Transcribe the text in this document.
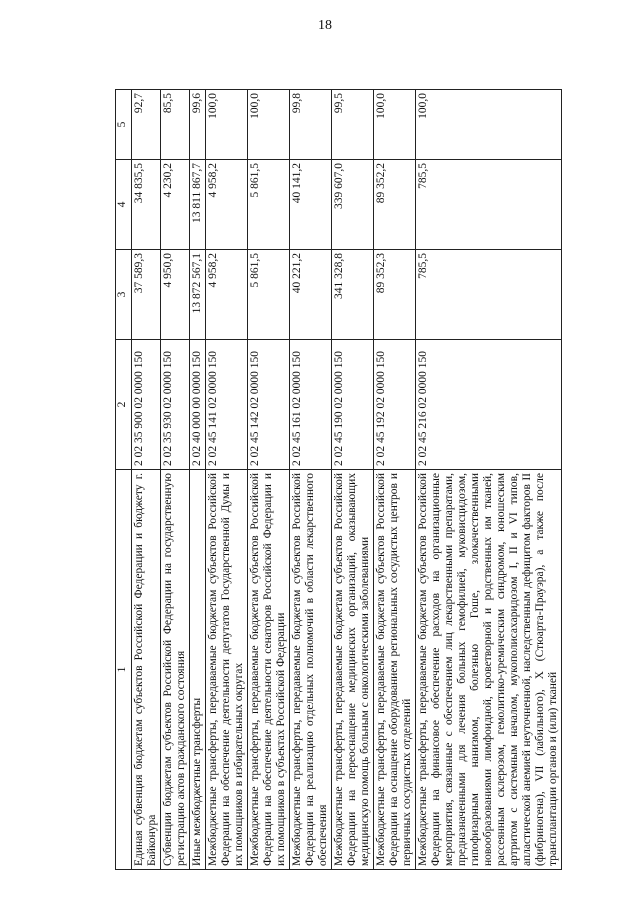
18
1	2	3	4	5
Единая субвенция бюджетам субъектов Российской Федерации и бюджету г. Байконура	2 02 35 900 02 0000 150	37 589,3	34 835,5	92,7
Субвенции бюджетам субъектов Российской Федерации на государственную регистрацию актов гражданского состояния	2 02 35 930 02 0000 150	4 950,0	4 230,2	85,5
Иные межбюджетные трансферты	2 02 40 000 00 0000 150	13 872 567,1	13 811 867,7	99,6
Межбюджетные трансферты, передаваемые бюджетам субъектов Российской Федерации на обеспечение деятельности депутатов Государственной Думы и их помощников в избирательных округах	2 02 45 141 02 0000 150	4 958,2	4 958,2	100,0
Межбюджетные трансферты, передаваемые бюджетам субъектов Российской Федерации на обеспечение деятельности сенаторов Российской Федерации и их помощников в субъектах Российской Федерации	2 02 45 142 02 0000 150	5 861,5	5 861,5	100,0
Межбюджетные трансферты, передаваемые бюджетам субъектов Российской Федерации на реализацию отдельных полномочий в области лекарственного обеспечения	2 02 45 161 02 0000 150	40 221,2	40 141,2	99,8
Межбюджетные трансферты, передаваемые бюджетам субъектов Российской Федерации на переоснащение медицинских организаций, оказывающих медицинскую помощь больным с онкологическими заболеваниями	2 02 45 190 02 0000 150	341 328,8	339 607,0	99,5
Межбюджетные трансферты, передаваемые бюджетам субъектов Российской Федерации на оснащение оборудованием региональных сосудистых центров и первичных сосудистых отделений	2 02 45 192 02 0000 150	89 352,3	89 352,2	100,0
Межбюджетные трансферты, передаваемые бюджетам субъектов Российской Федерации на финансовое обеспечение расходов на организационные мероприятия, связанные с обеспечением лиц лекарственными препаратами, предназначенными для лечения больных гемофилией, муковисцидозом, гипофизарным нанизмом, болезнью Гоше, злокачественными новообразованиями лимфоидной, кроветворной и родственных им тканей, рассеянным склерозом, гемолитико-уремическим синдромом, юношеским артритом с системным началом, мукополисахаридозом I, II и VI типов, апластической анемией неуточненной, наследственным дефицитом факторов II (фибриногена), VII (лабильного), X (Стюарта-Прауэра), а также после трансплантации органов и (или) тканей	2 02 45 216 02 0000 150	785,5	785,5	100,0
